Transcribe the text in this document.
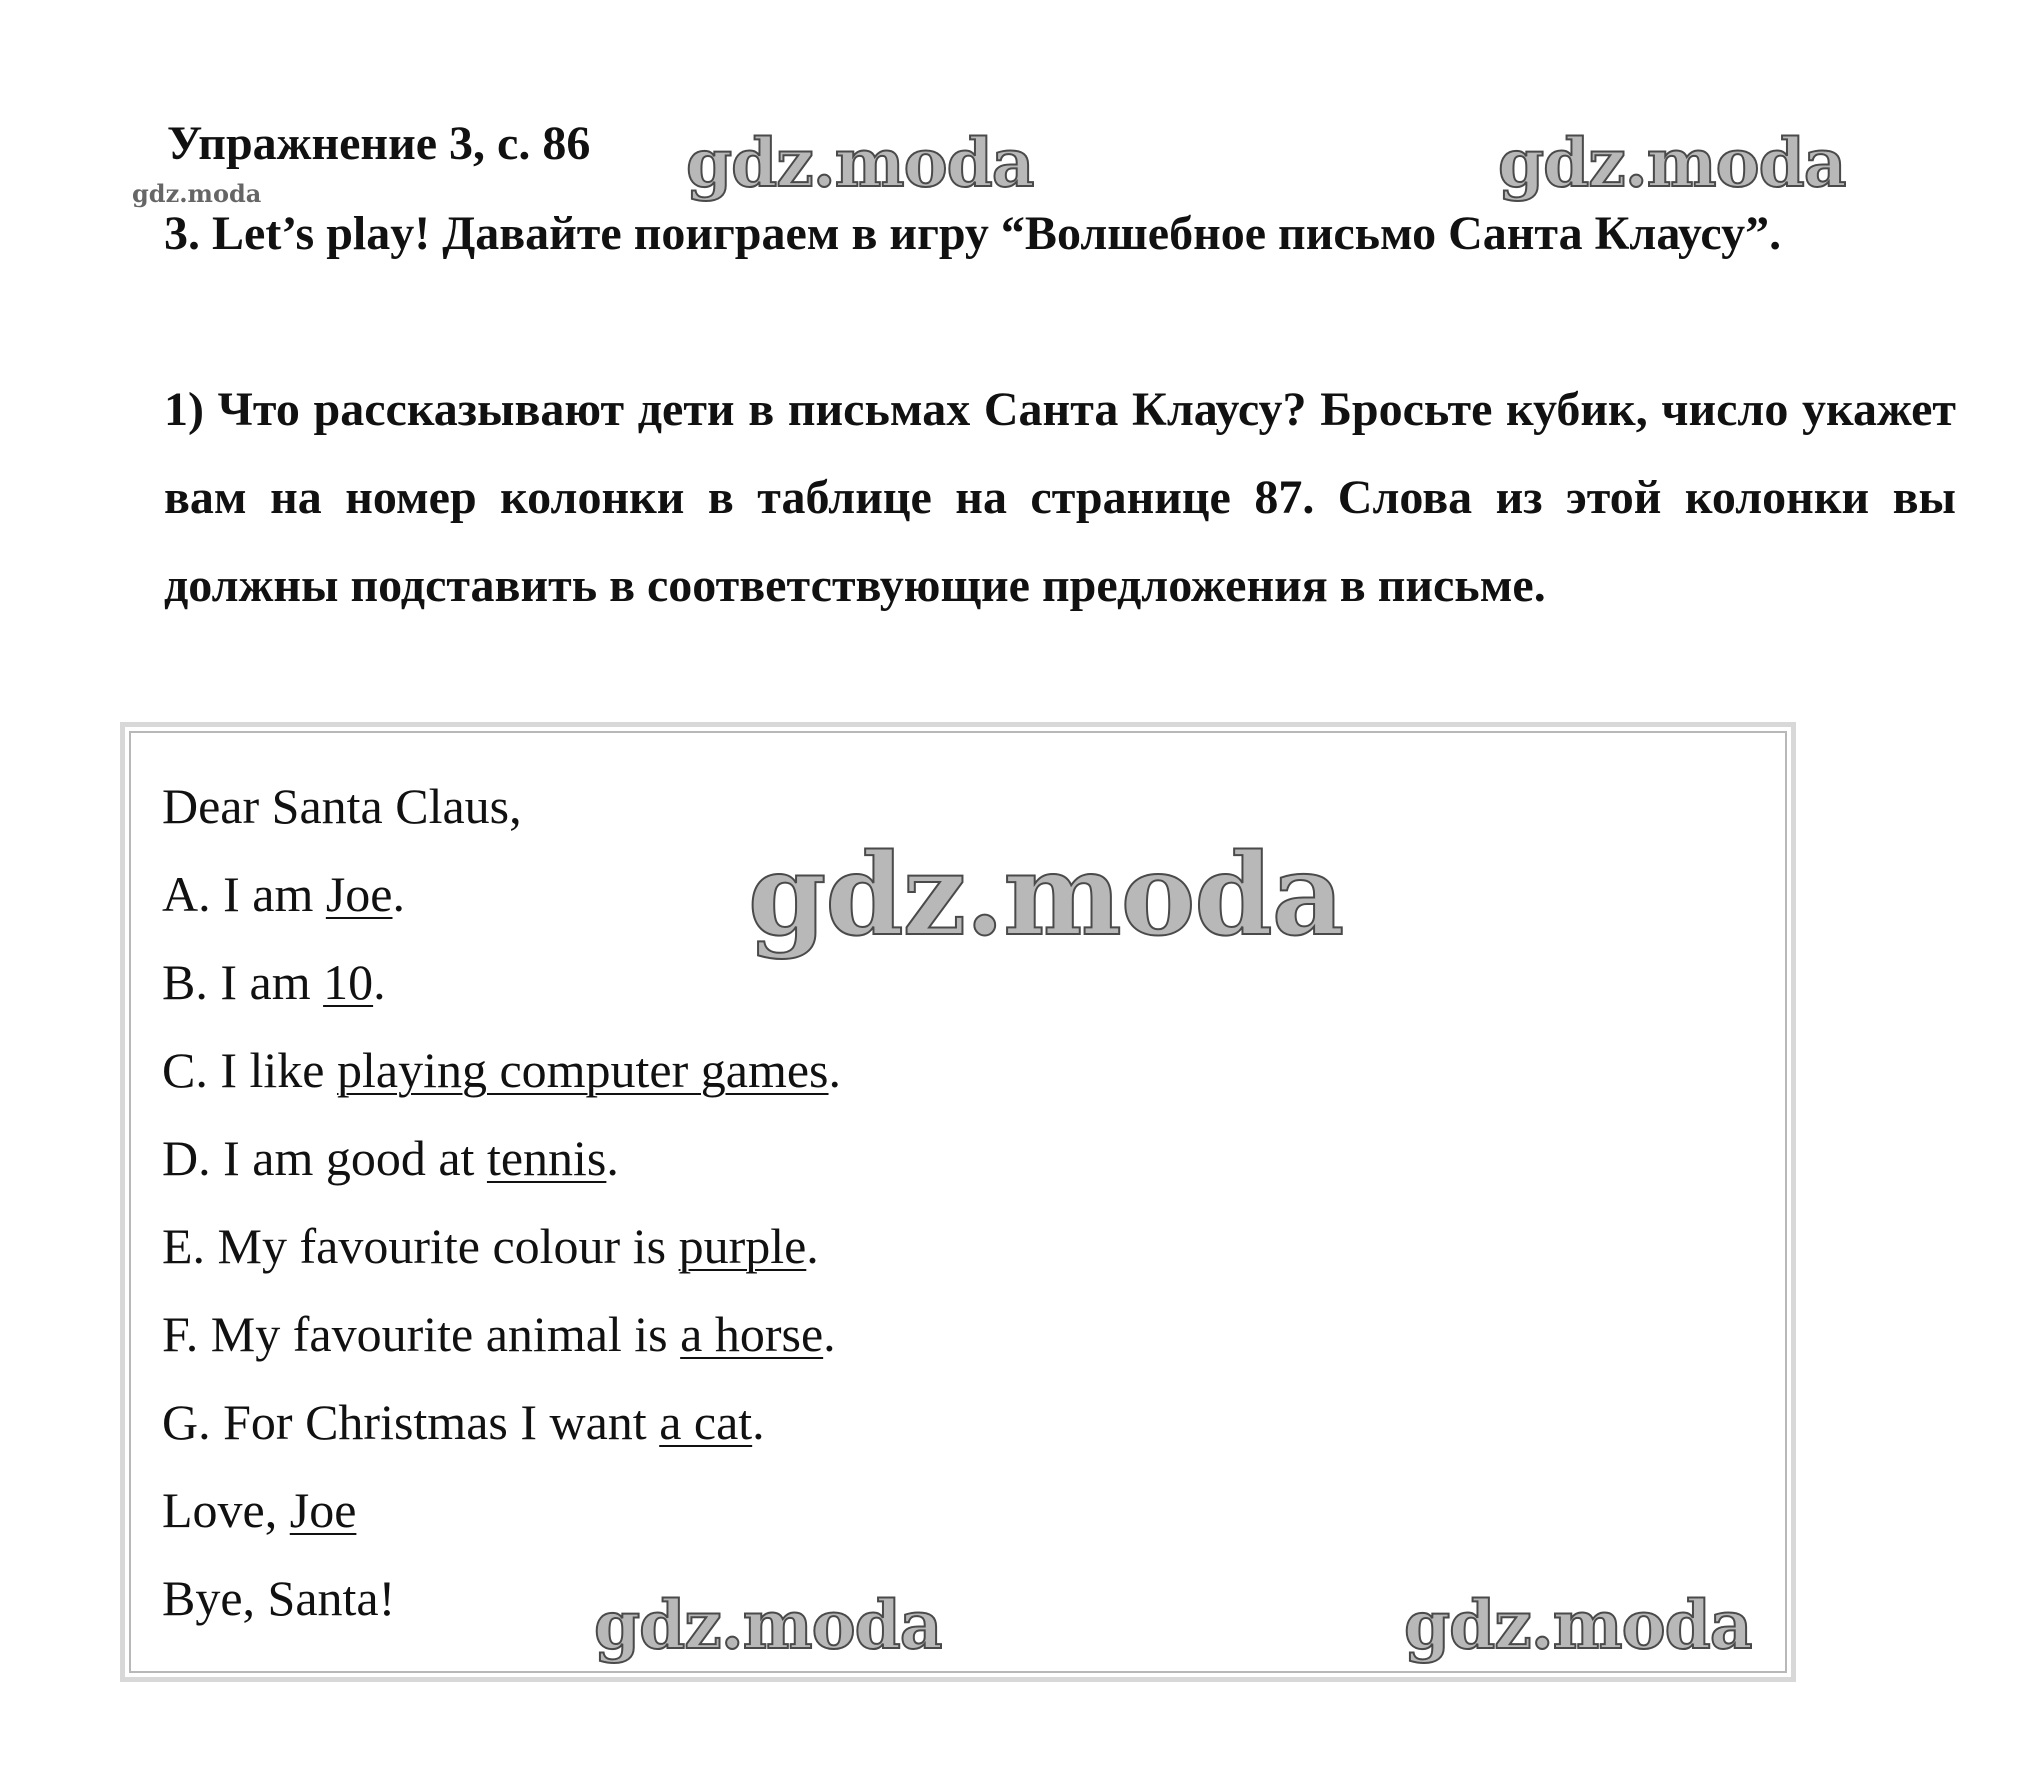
Упражнение 3, с. 86
gdz.moda

3. Let’s play! Давайте поиграем в игру “Волшебное письмо Санта Клаусу”.

1) Что рассказывают дети в письмах Санта Клаусу? Бросьте кубик, число укажет вам на номер колонки в таблице на странице 87. Слова из этой колонки вы должны подставить в соответствующие предложения в письме.

Dear Santa Claus,
A. I am Joe.
B. I am 10.
C. I like playing computer games.
D. I am good at tennis.
E. My favourite colour is purple.
F. My favourite animal is a horse.
G. For Christmas I want a cat.
Love, Joe
Bye, Santa!
gdz.moda	gdz.moda
gdz.moda
gdz.moda	gdz.moda
